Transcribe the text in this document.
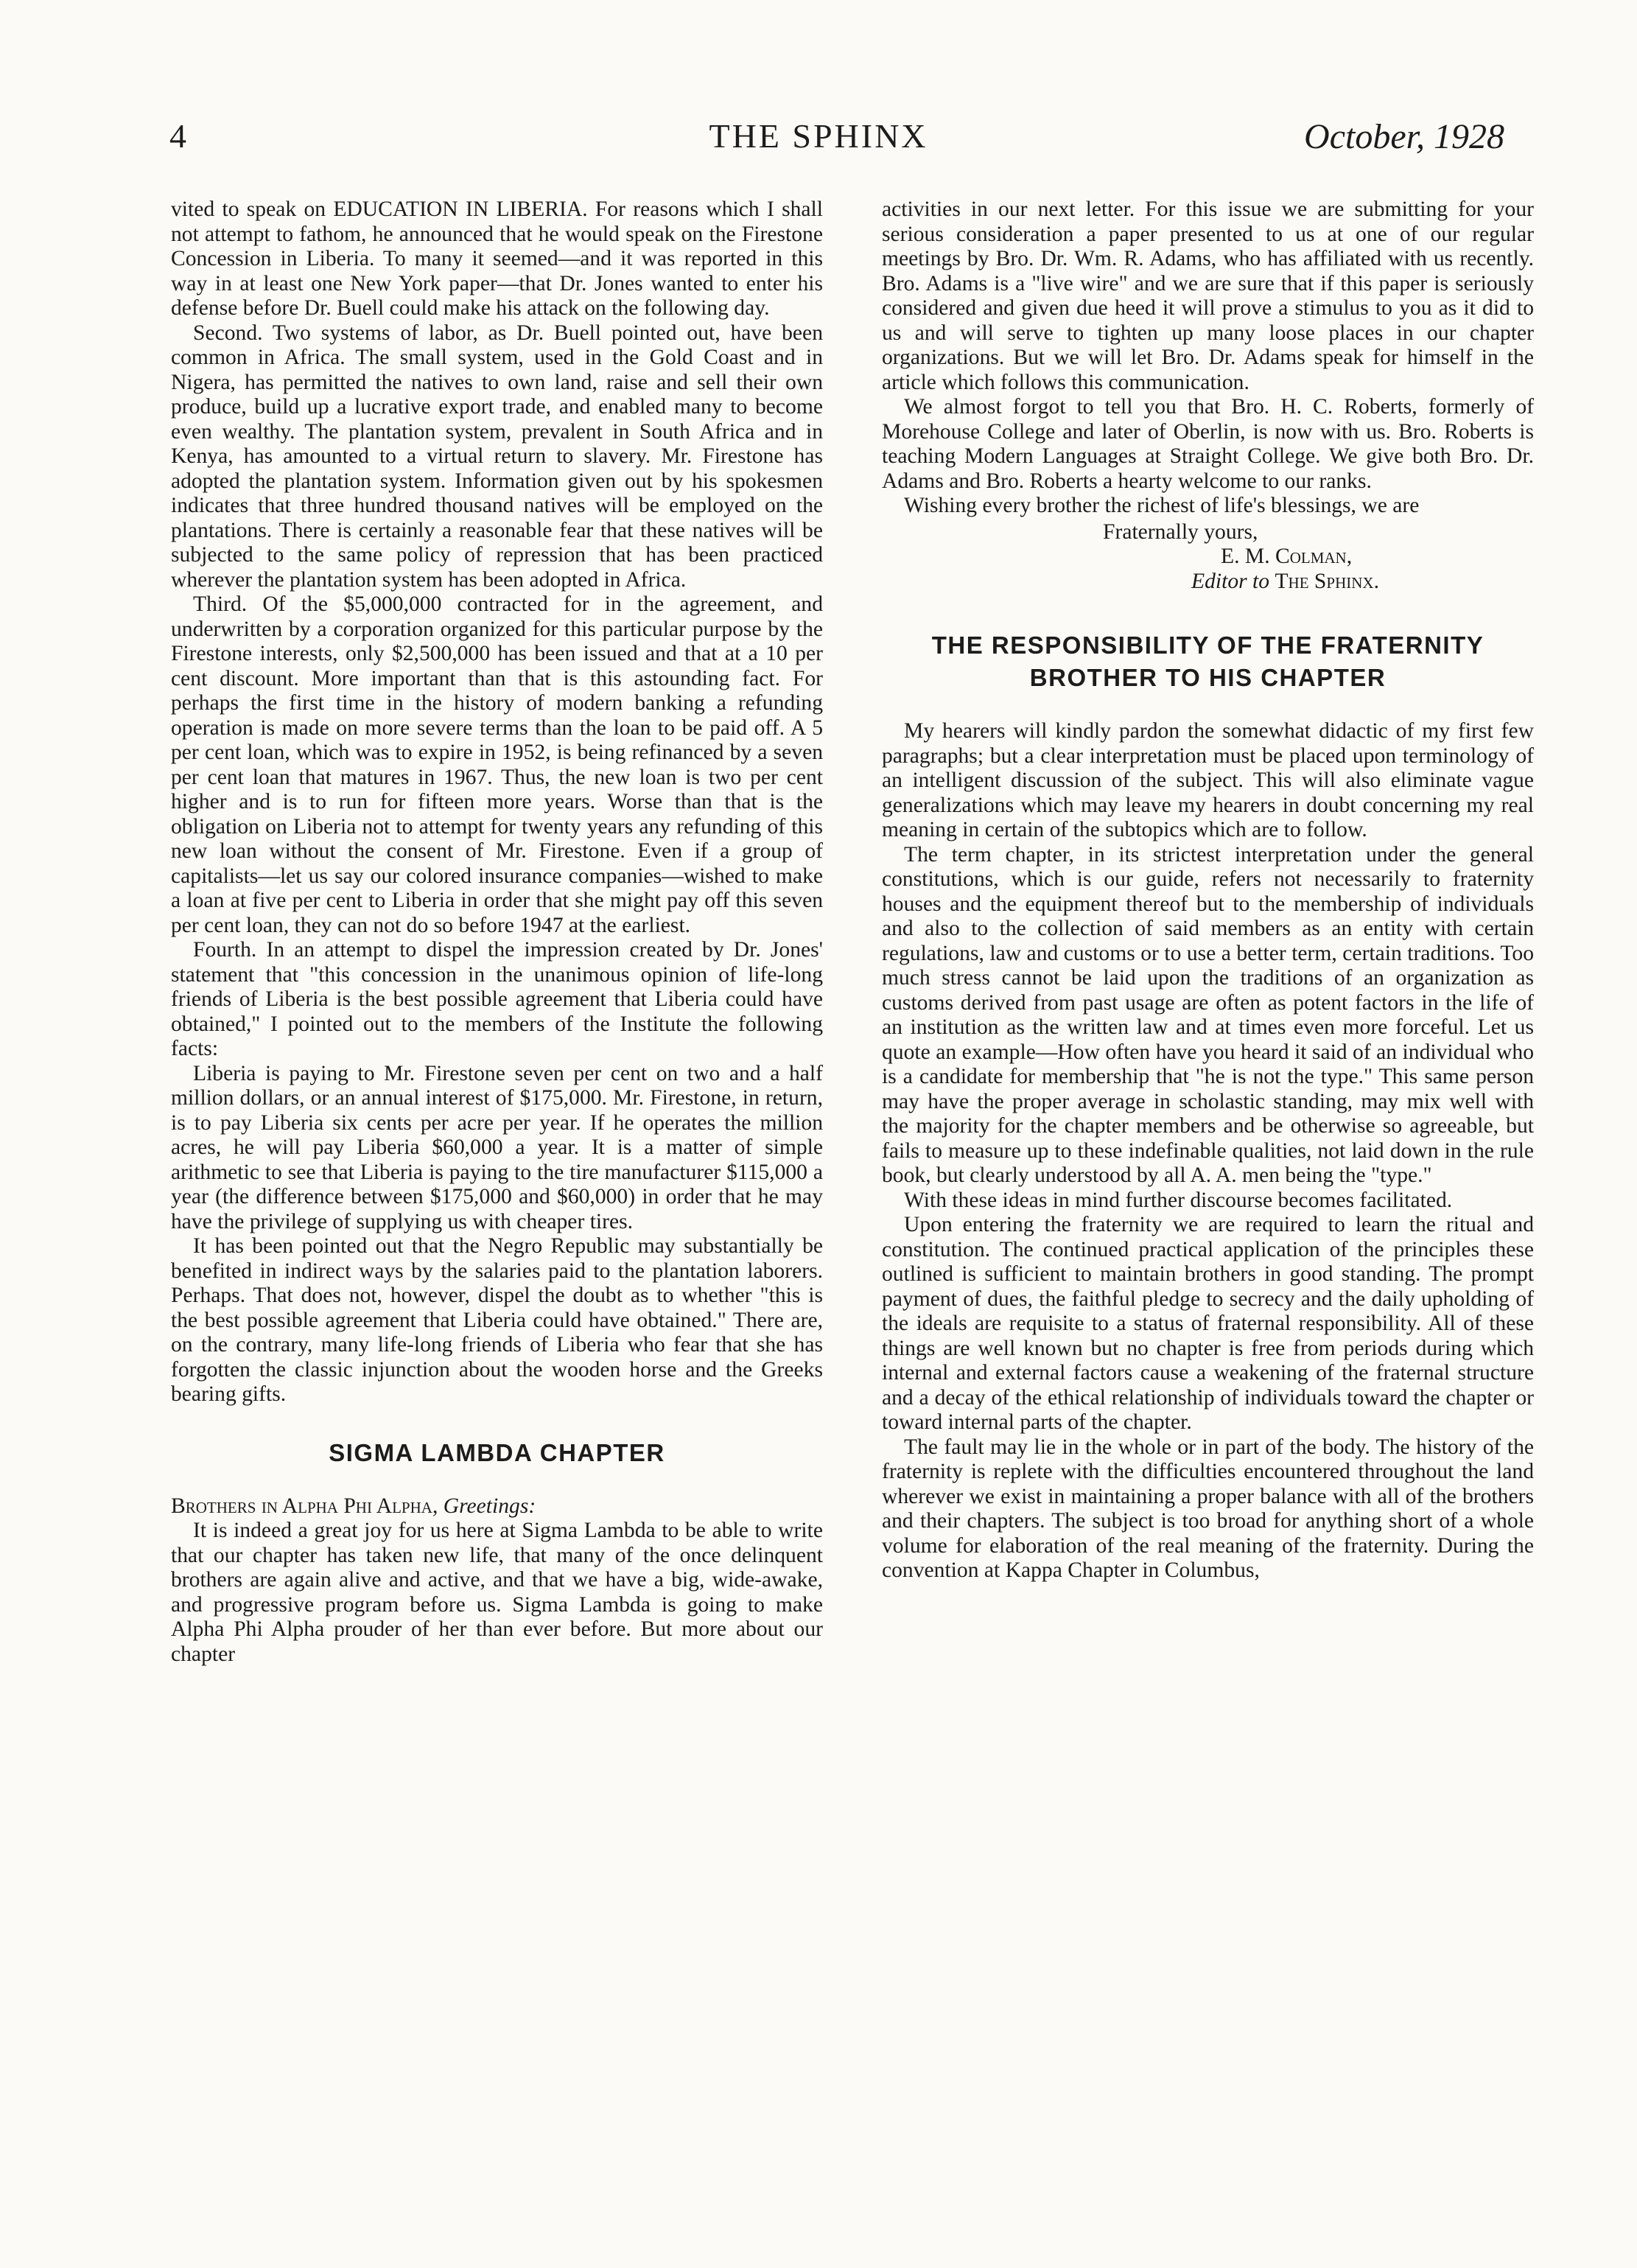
4	THE SPHINX	October, 1928

vited to speak on EDUCATION IN LIBERIA. For reasons which I shall not attempt to fathom, he announced that he would speak on the Firestone Concession in Liberia. To many it seemed—and it was reported in this way in at least one New York paper—that Dr. Jones wanted to enter his defense before Dr. Buell could make his attack on the following day.

Second. Two systems of labor, as Dr. Buell pointed out, have been common in Africa. The small system, used in the Gold Coast and in Nigera, has permitted the natives to own land, raise and sell their own produce, build up a lucrative export trade, and enabled many to become even wealthy. The plantation system, prevalent in South Africa and in Kenya, has amounted to a virtual return to slavery. Mr. Firestone has adopted the plantation system. Information given out by his spokesmen indicates that three hundred thousand natives will be employed on the plantations. There is certainly a reasonable fear that these natives will be subjected to the same policy of repression that has been practiced wherever the plantation system has been adopted in Africa.

Third. Of the $5,000,000 contracted for in the agreement, and underwritten by a corporation organized for this particular purpose by the Firestone interests, only $2,500,000 has been issued and that at a 10 per cent discount. More important than that is this astounding fact. For perhaps the first time in the history of modern banking a refunding operation is made on more severe terms than the loan to be paid off. A 5 per cent loan, which was to expire in 1952, is being refinanced by a seven per cent loan that matures in 1967. Thus, the new loan is two per cent higher and is to run for fifteen more years. Worse than that is the obligation on Liberia not to attempt for twenty years any refunding of this new loan without the consent of Mr. Firestone. Even if a group of capitalists—let us say our colored insurance companies—wished to make a loan at five per cent to Liberia in order that she might pay off this seven per cent loan, they can not do so before 1947 at the earliest.

Fourth. In an attempt to dispel the impression created by Dr. Jones' statement that "this concession in the unanimous opinion of life-long friends of Liberia is the best possible agreement that Liberia could have obtained," I pointed out to the members of the Institute the following facts:

Liberia is paying to Mr. Firestone seven per cent on two and a half million dollars, or an annual interest of $175,000. Mr. Firestone, in return, is to pay Liberia six cents per acre per year. If he operates the million acres, he will pay Liberia $60,000 a year. It is a matter of simple arithmetic to see that Liberia is paying to the tire manufacturer $115,000 a year (the difference between $175,000 and $60,000) in order that he may have the privilege of supplying us with cheaper tires.

It has been pointed out that the Negro Republic may substantially be benefited in indirect ways by the salaries paid to the plantation laborers. Perhaps. That does not, however, dispel the doubt as to whether "this is the best possible agreement that Liberia could have obtained." There are, on the contrary, many life-long friends of Liberia who fear that she has forgotten the classic injunction about the wooden horse and the Greeks bearing gifts.

SIGMA LAMBDA CHAPTER

Brothers in Alpha Phi Alpha, Greetings:

It is indeed a great joy for us here at Sigma Lambda to be able to write that our chapter has taken new life, that many of the once delinquent brothers are again alive and active, and that we have a big, wide-awake, and progressive program before us. Sigma Lambda is going to make Alpha Phi Alpha prouder of her than ever before. But more about our chapter

activities in our next letter. For this issue we are submitting for your serious consideration a paper presented to us at one of our regular meetings by Bro. Dr. Wm. R. Adams, who has affiliated with us recently. Bro. Adams is a "live wire" and we are sure that if this paper is seriously considered and given due heed it will prove a stimulus to you as it did to us and will serve to tighten up many loose places in our chapter organizations. But we will let Bro. Dr. Adams speak for himself in the article which follows this communication.

We almost forgot to tell you that Bro. H. C. Roberts, formerly of Morehouse College and later of Oberlin, is now with us. Bro. Roberts is teaching Modern Languages at Straight College. We give both Bro. Dr. Adams and Bro. Roberts a hearty welcome to our ranks.

Wishing every brother the richest of life's blessings, we are

Fraternally yours,
E. M. Colman,
Editor to The Sphinx.
THE RESPONSIBILITY OF THE FRATERNITY BROTHER TO HIS CHAPTER

My hearers will kindly pardon the somewhat didactic of my first few paragraphs; but a clear interpretation must be placed upon terminology of an intelligent discussion of the subject. This will also eliminate vague generalizations which may leave my hearers in doubt concerning my real meaning in certain of the subtopics which are to follow.

The term chapter, in its strictest interpretation under the general constitutions, which is our guide, refers not necessarily to fraternity houses and the equipment thereof but to the membership of individuals and also to the collection of said members as an entity with certain regulations, law and customs or to use a better term, certain traditions. Too much stress cannot be laid upon the traditions of an organization as customs derived from past usage are often as potent factors in the life of an institution as the written law and at times even more forceful. Let us quote an example—How often have you heard it said of an individual who is a candidate for membership that "he is not the type." This same person may have the proper average in scholastic standing, may mix well with the majority for the chapter members and be otherwise so agreeable, but fails to measure up to these indefinable qualities, not laid down in the rule book, but clearly understood by all A. A. men being the "type."

With these ideas in mind further discourse becomes facilitated.

Upon entering the fraternity we are required to learn the ritual and constitution. The continued practical application of the principles these outlined is sufficient to maintain brothers in good standing. The prompt payment of dues, the faithful pledge to secrecy and the daily upholding of the ideals are requisite to a status of fraternal responsibility. All of these things are well known but no chapter is free from periods during which internal and external factors cause a weakening of the fraternal structure and a decay of the ethical relationship of individuals toward the chapter or toward internal parts of the chapter.

The fault may lie in the whole or in part of the body. The history of the fraternity is replete with the difficulties encountered throughout the land wherever we exist in maintaining a proper balance with all of the brothers and their chapters. The subject is too broad for anything short of a whole volume for elaboration of the real meaning of the fraternity. During the convention at Kappa Chapter in Columbus,
